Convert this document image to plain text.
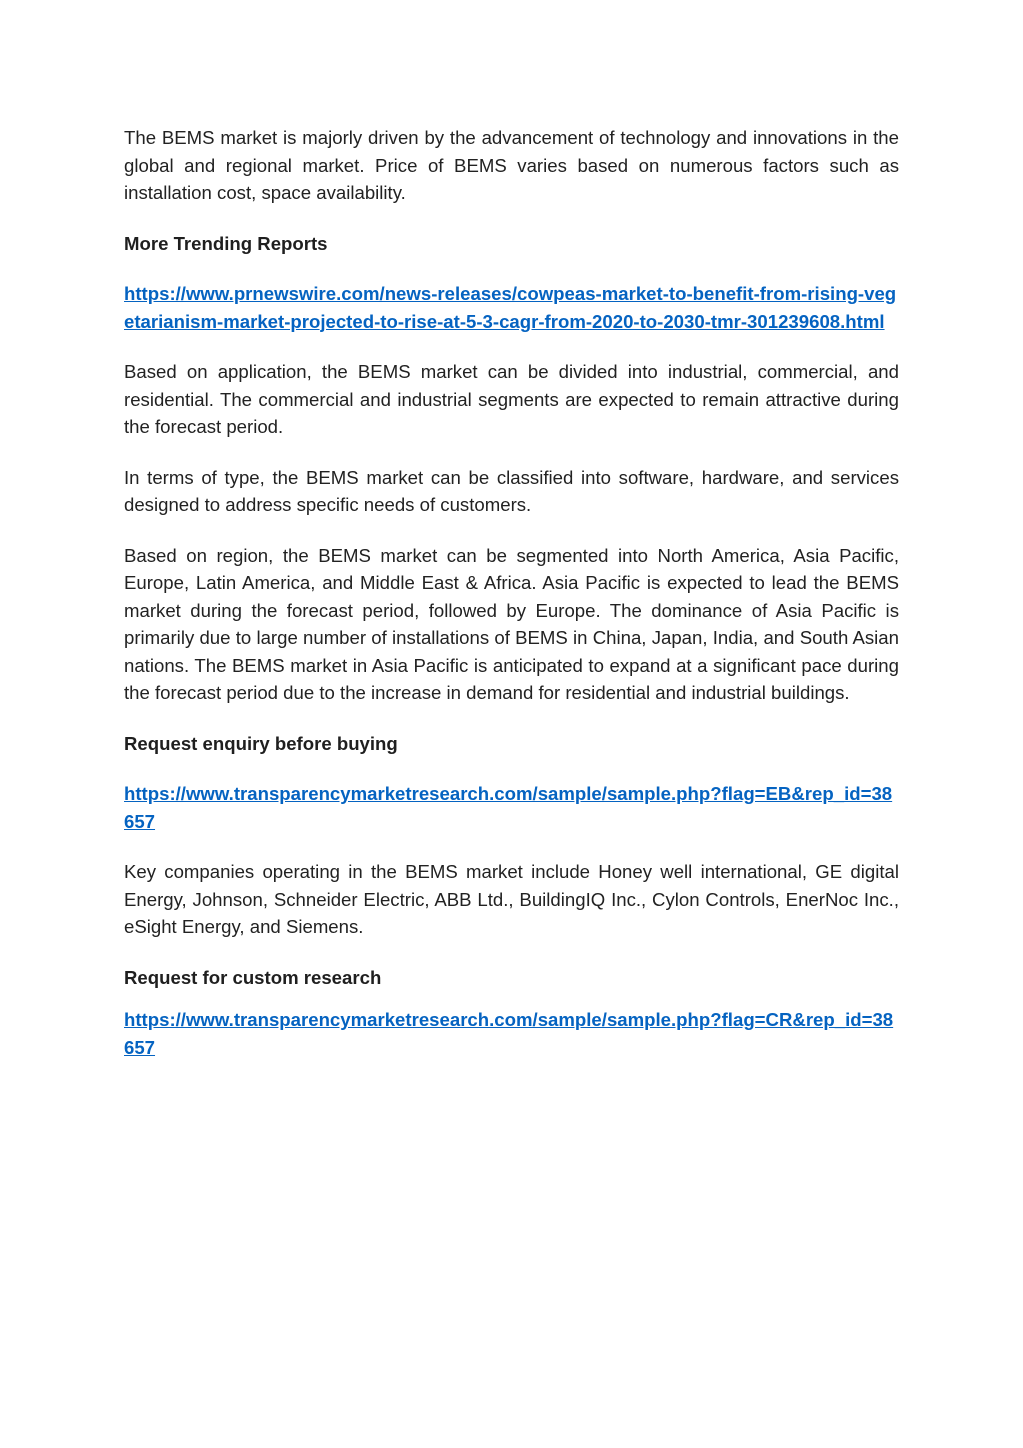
The BEMS market is majorly driven by the advancement of technology and innovations in the global and regional market. Price of BEMS varies based on numerous factors such as installation cost, space availability.

More Trending Reports
https://www.prnewswire.com/news-releases/cowpeas-market-to-benefit-from-rising-vegetarianism-market-projected-to-rise-at-5-3-cagr-from-2020-to-2030-tmr-301239608.html

Based on application, the BEMS market can be divided into industrial, commercial, and residential. The commercial and industrial segments are expected to remain attractive during the forecast period.

In terms of type, the BEMS market can be classified into software, hardware, and services designed to address specific needs of customers.

Based on region, the BEMS market can be segmented into North America, Asia Pacific, Europe, Latin America, and Middle East & Africa. Asia Pacific is expected to lead the BEMS market during the forecast period, followed by Europe. The dominance of Asia Pacific is primarily due to large number of installations of BEMS in China, Japan, India, and South Asian nations. The BEMS market in Asia Pacific is anticipated to expand at a significant pace during the forecast period due to the increase in demand for residential and industrial buildings.

Request enquiry before buying
https://www.transparencymarketresearch.com/sample/sample.php?flag=EB&rep_id=38657

Key companies operating in the BEMS market include Honey well international, GE digital Energy, Johnson, Schneider Electric, ABB Ltd., BuildingIQ Inc., Cylon Controls, EnerNoc Inc., eSight Energy, and Siemens.

Request for custom research
https://www.transparencymarketresearch.com/sample/sample.php?flag=CR&rep_id=38657
